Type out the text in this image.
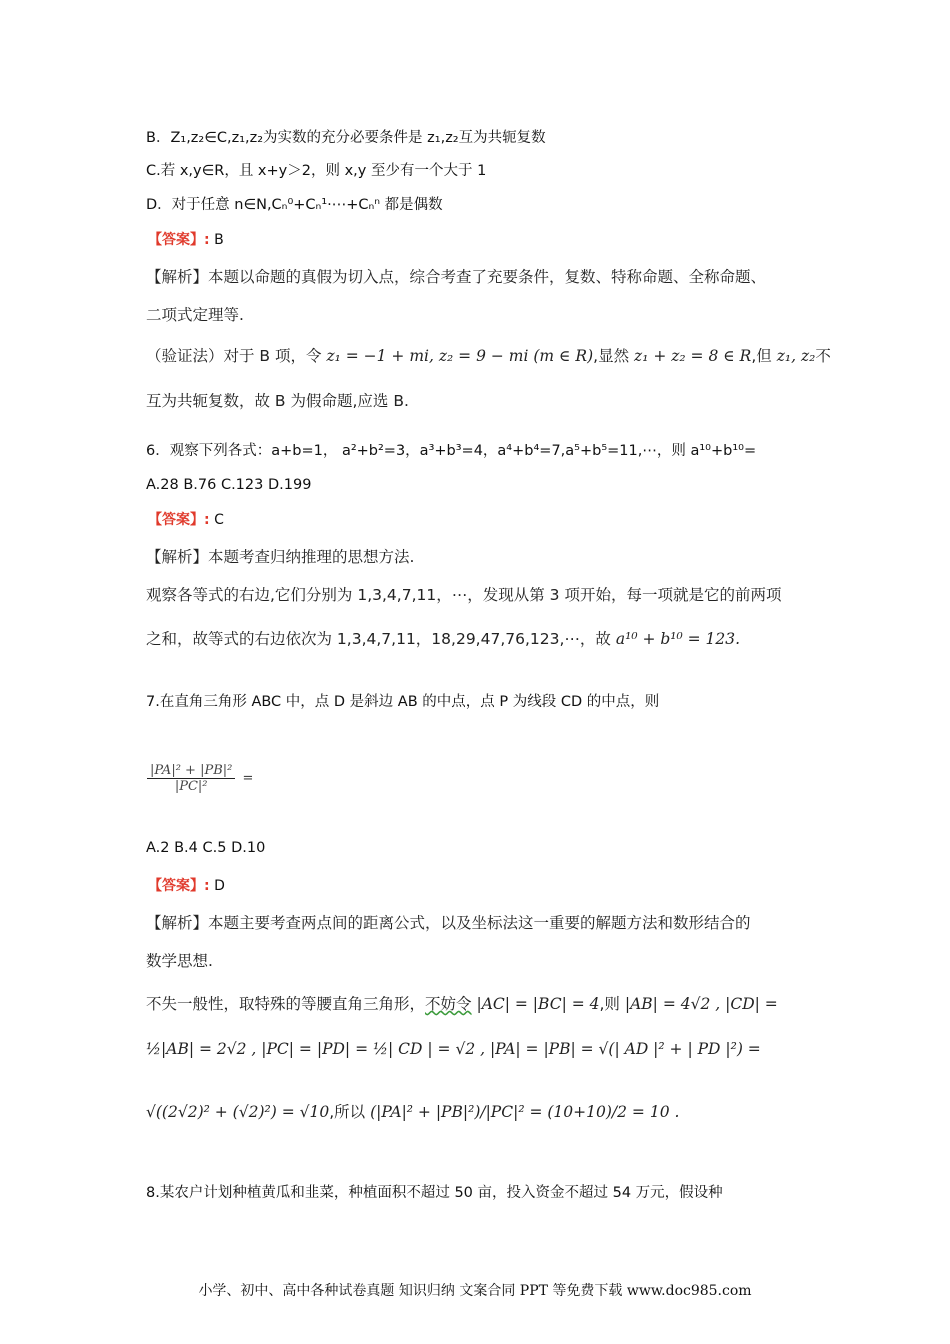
B．Z₁,z₂∈C,z₁,z₂为实数的充分必要条件是 z₁,z₂互为共轭复数
C.若 x,y∈R，且 x+y＞2，则 x,y 至少有一个大于 1
D．对于任意 n∈N,Cₙ⁰+Cₙ¹·⋯+Cₙⁿ 都是偶数
【答案】: B
【解析】本题以命题的真假为切入点，综合考查了充要条件，复数、特称命题、全称命题、
二项式定理等.
（验证法）对于 B 项，令 z₁ = −1 + mi, z₂ = 9 − mi (m ∈ R),显然 z₁ + z₂ = 8 ∈ R,但 z₁, z₂不
互为共轭复数，故 B 为假命题,应选 B.
6．观察下列各式：a+b=1， a²+b²=3，a³+b³=4，a⁴+b⁴=7,a⁵+b⁵=11,⋯，则 a¹⁰+b¹⁰=
A.28 B.76 C.123 D.199
【答案】: C
【解析】本题考查归纳推理的思想方法.
观察各等式的右边,它们分别为 1,3,4,7,11，⋯，发现从第 3 项开始，每一项就是它的前两项
之和，故等式的右边依次为 1,3,4,7,11，18,29,47,76,123,⋯，故 a¹⁰ + b¹⁰ = 123.
7.在直角三角形 ABC 中，点 D 是斜边 AB 的中点，点 P 为线段 CD 的中点，则
$\frac{\text{|PA|² + |PB|²}}{\text{|PC|²}}$ =
A.2 B.4 C.5 D.10
【答案】: D
【解析】本题主要考查两点间的距离公式，以及坐标法这一重要的解题方法和数形结合的
数学思想.
不失一般性，取特殊的等腰直角三角形，不妨令 |AC| = |BC| = 4,则 |AB| = 4√2 , |CD| =
½|AB| = 2√2 , |PC| = |PD| = ½| CD | = √2 , |PA| = |PB| = √(| AD |² + | PD |²) =
√((2√2)² + (√2)²) = √10,所以 (|PA|² + |PB|²)/|PC|² = (10+10)/2 = 10 .
8.某农户计划种植黄瓜和韭菜，种植面积不超过 50 亩，投入资金不超过 54 万元，假设种
小学、初中、高中各种试卷真题 知识归纳 文案合同 PPT 等免费下载 www.doc985.com
